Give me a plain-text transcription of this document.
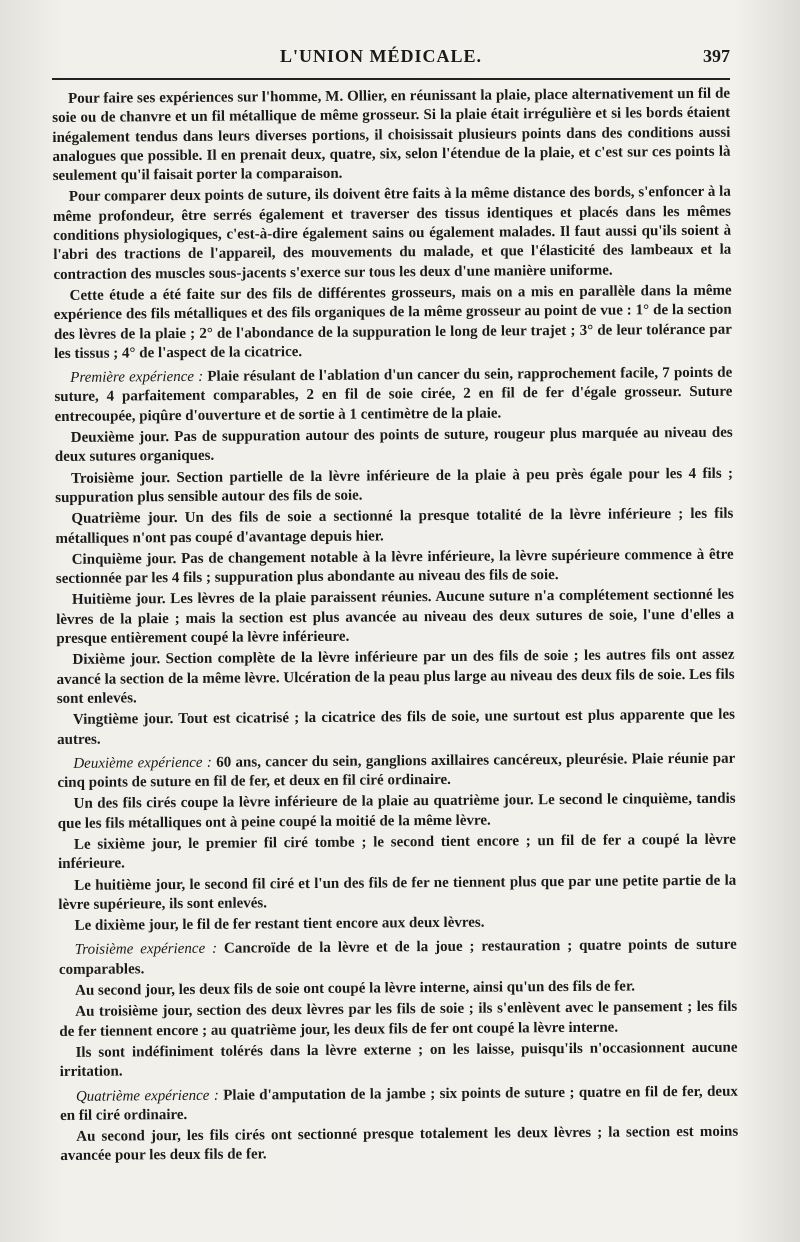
L'UNION MÉDICALE.	397

Pour faire ses expériences sur l'homme, M. Ollier, en réunissant la plaie, place alternativement un fil de soie ou de chanvre et un fil métallique de même grosseur. Si la plaie était irrégulière et si les bords étaient inégalement tendus dans leurs diverses portions, il choisissait plusieurs points dans des conditions aussi analogues que possible. Il en prenait deux, quatre, six, selon l'étendue de la plaie, et c'est sur ces points là seulement qu'il faisait porter la comparaison.

Pour comparer deux points de suture, ils doivent être faits à la même distance des bords, s'enfoncer à la même profondeur, être serrés également et traverser des tissus identiques et placés dans les mêmes conditions physiologiques, c'est-à-dire également sains ou également malades. Il faut aussi qu'ils soient à l'abri des tractions de l'appareil, des mouvements du malade, et que l'élasticité des lambeaux et la contraction des muscles sous-jacents s'exerce sur tous les deux d'une manière uniforme.

Cette étude a été faite sur des fils de différentes grosseurs, mais on a mis en parallèle dans la même expérience des fils métalliques et des fils organiques de la même grosseur au point de vue : 1° de la section des lèvres de la plaie ; 2° de l'abondance de la suppuration le long de leur trajet ; 3° de leur tolérance par les tissus ; 4° de l'aspect de la cicatrice.

Première expérience : Plaie résulant de l'ablation d'un cancer du sein, rapprochement facile, 7 points de suture, 4 parfaitement comparables, 2 en fil de soie cirée, 2 en fil de fer d'égale grosseur. Suture entrecoupée, piqûre d'ouverture et de sortie à 1 centimètre de la plaie.

Deuxième jour. Pas de suppuration autour des points de suture, rougeur plus marquée au niveau des deux sutures organiques.

Troisième jour. Section partielle de la lèvre inférieure de la plaie à peu près égale pour les 4 fils ; suppuration plus sensible autour des fils de soie.

Quatrième jour. Un des fils de soie a sectionné la presque totalité de la lèvre inférieure ; les fils métalliques n'ont pas coupé d'avantage depuis hier.

Cinquième jour. Pas de changement notable à la lèvre inférieure, la lèvre supérieure commence à être sectionnée par les 4 fils ; suppuration plus abondante au niveau des fils de soie.

Huitième jour. Les lèvres de la plaie paraissent réunies. Aucune suture n'a complétement sectionné les lèvres de la plaie ; mais la section est plus avancée au niveau des deux sutures de soie, l'une d'elles a presque entièrement coupé la lèvre inférieure.

Dixième jour. Section complète de la lèvre inférieure par un des fils de soie ; les autres fils ont assez avancé la section de la même lèvre. Ulcération de la peau plus large au niveau des deux fils de soie. Les fils sont enlevés.

Vingtième jour. Tout est cicatrisé ; la cicatrice des fils de soie, une surtout est plus apparente que les autres.

Deuxième expérience : 60 ans, cancer du sein, ganglions axillaires cancéreux, pleurésie. Plaie réunie par cinq points de suture en fil de fer, et deux en fil ciré ordinaire.

Un des fils cirés coupe la lèvre inférieure de la plaie au quatrième jour. Le second le cinquième, tandis que les fils métalliques ont à peine coupé la moitié de la même lèvre.

Le sixième jour, le premier fil ciré tombe ; le second tient encore ; un fil de fer a coupé la lèvre inférieure.

Le huitième jour, le second fil ciré et l'un des fils de fer ne tiennent plus que par une petite partie de la lèvre supérieure, ils sont enlevés.

Le dixième jour, le fil de fer restant tient encore aux deux lèvres.

Troisième expérience : Cancroïde de la lèvre et de la joue ; restauration ; quatre points de suture comparables.

Au second jour, les deux fils de soie ont coupé la lèvre interne, ainsi qu'un des fils de fer.

Au troisième jour, section des deux lèvres par les fils de soie ; ils s'enlèvent avec le pansement ; les fils de fer tiennent encore ; au quatrième jour, les deux fils de fer ont coupé la lèvre interne.

Ils sont indéfiniment tolérés dans la lèvre externe ; on les laisse, puisqu'ils n'occasionnent aucune irritation.

Quatrième expérience : Plaie d'amputation de la jambe ; six points de suture ; quatre en fil de fer, deux en fil ciré ordinaire.

Au second jour, les fils cirés ont sectionné presque totalement les deux lèvres ; la section est moins avancée pour les deux fils de fer.
